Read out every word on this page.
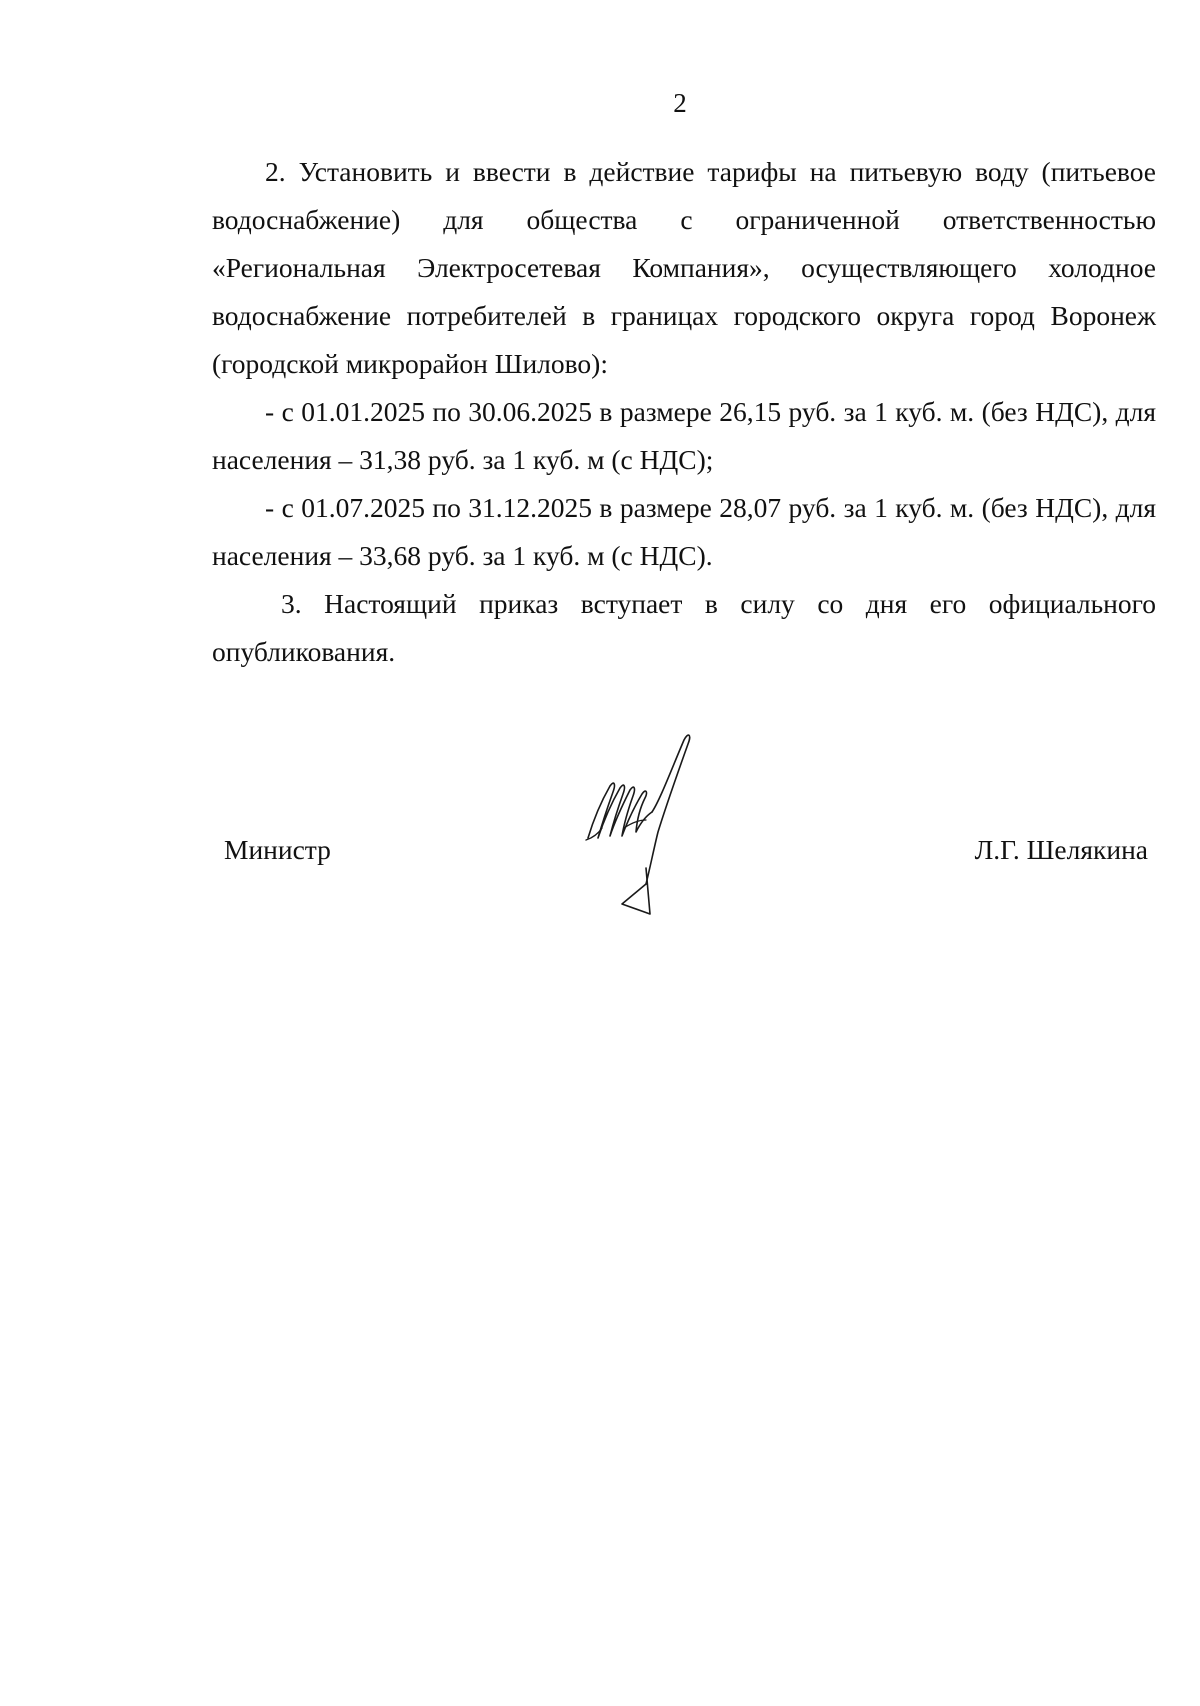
2

2. Установить и ввести в действие тарифы на питьевую воду (питьевое водоснабжение) для общества с ограниченной ответственностью «Региональная Электросетевая Компания», осуществляющего холодное водоснабжение потребителей в границах городского округа город Воронеж (городской микрорайон Шилово):

- с 01.01.2025 по 30.06.2025 в размере 26,15 руб. за 1 куб. м. (без НДС), для населения – 31,38 руб. за 1 куб. м (с НДС);

- с 01.07.2025 по 31.12.2025 в размере 28,07 руб. за 1 куб. м. (без НДС), для населения – 33,68 руб. за 1 куб. м (с НДС).

3. Настоящий приказ вступает в силу со дня его официального опубликования.

Министр	Л.Г. Шелякина
